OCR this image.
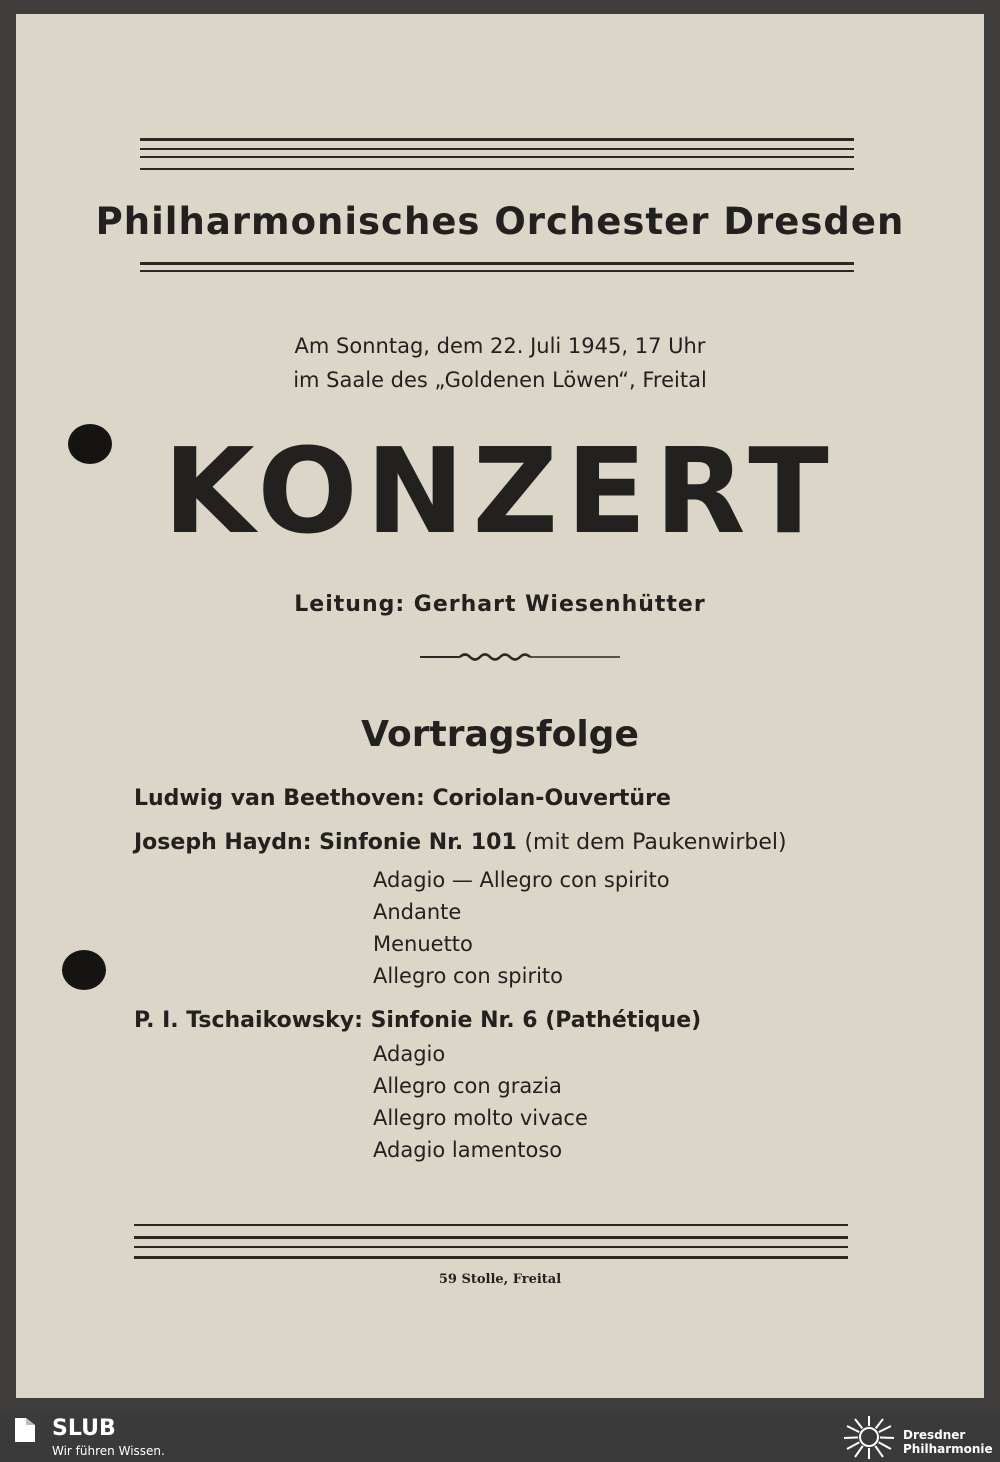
Philharmonisches Orchester Dresden
Am Sonntag, dem 22. Juli 1945, 17 Uhr
im Saale des „Goldenen Löwen“, Freital
KONZERT
Leitung: Gerhart Wiesenhütter
Vortragsfolge
Ludwig van Beethoven: Coriolan-Ouvertüre
Joseph Haydn: Sinfonie Nr. 101 (mit dem Paukenwirbel)
Adagio — Allegro con spirito
Andante
Menuetto
Allegro con spirito
P. I. Tschaikowsky: Sinfonie Nr. 6 (Pathétique)
Adagio
Allegro con grazia
Allegro molto vivace
Adagio lamentoso
59 Stolle, Freital
SLUB
Wir führen Wissen.
Dresdner
Philharmonie
